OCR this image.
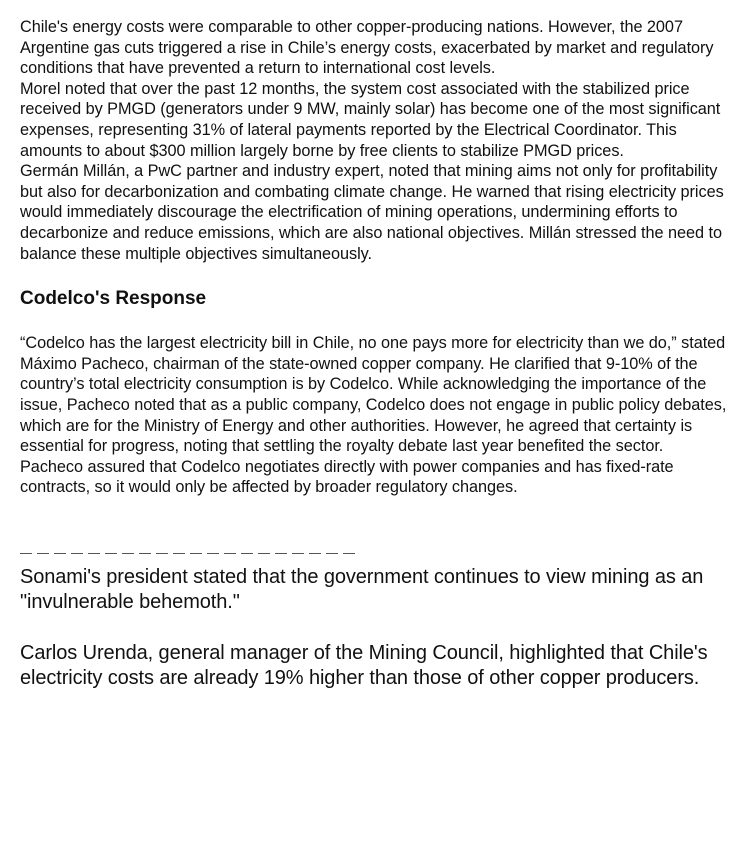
Chile's energy costs were comparable to other copper-producing nations. However, the 2007 Argentine gas cuts triggered a rise in Chile’s energy costs, exacerbated by market and regulatory conditions that have prevented a return to international cost levels.

Morel noted that over the past 12 months, the system cost associated with the stabilized price received by PMGD (generators under 9 MW, mainly solar) has become one of the most significant expenses, representing 31% of lateral payments reported by the Electrical Coordinator. This amounts to about $300 million largely borne by free clients to stabilize PMGD prices.

Germán Millán, a PwC partner and industry expert, noted that mining aims not only for profitability but also for decarbonization and combating climate change. He warned that rising electricity prices would immediately discourage the electrification of mining operations, undermining efforts to decarbonize and reduce emissions, which are also national objectives. Millán stressed the need to balance these multiple objectives simultaneously.

Codelco's Response

“Codelco has the largest electricity bill in Chile, no one pays more for electricity than we do,” stated Máximo Pacheco, chairman of the state-owned copper company. He clarified that 9-10% of the country’s total electricity consumption is by Codelco. While acknowledging the importance of the issue, Pacheco noted that as a public company, Codelco does not engage in public policy debates, which are for the Ministry of Energy and other authorities. However, he agreed that certainty is essential for progress, noting that settling the royalty debate last year benefited the sector. Pacheco assured that Codelco negotiates directly with power companies and has fixed-rate contracts, so it would only be affected by broader regulatory changes.

Sonami's president stated that the government continues to view mining as an "invulnerable behemoth."

Carlos Urenda, general manager of the Mining Council, highlighted that Chile's electricity costs are already 19% higher than those of other copper producers.
